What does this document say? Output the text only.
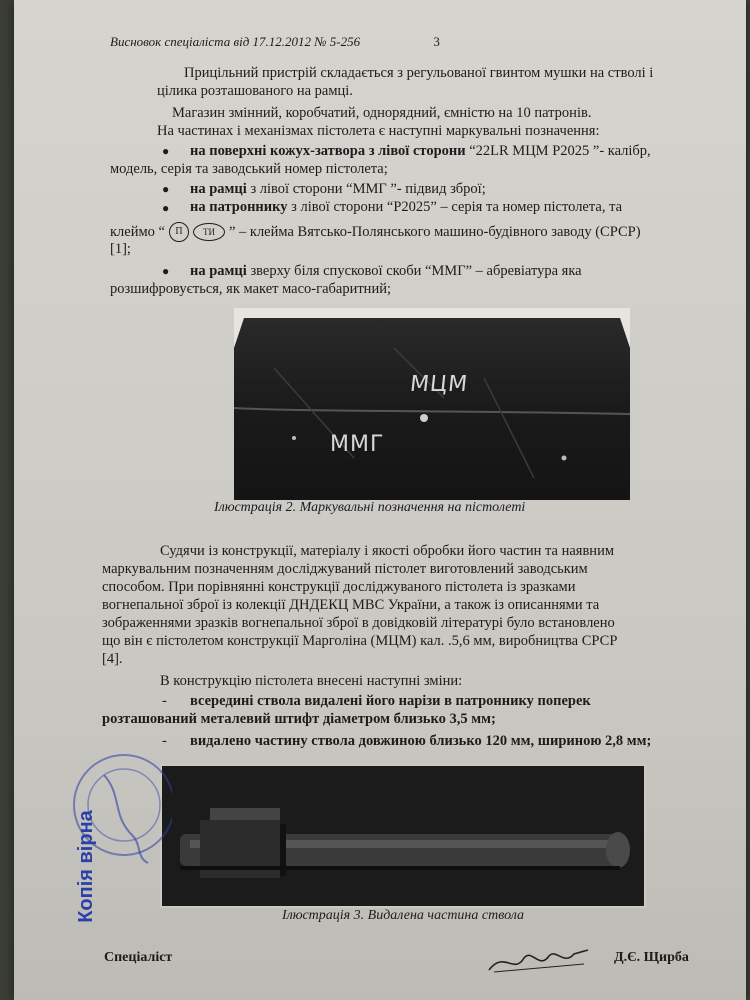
Висновок спеціаліста від 17.12.2012 № 5-256	3
Прицільний пристрій складається з регульованої гвинтом мушки на стволі і
цілика розташованого на рамці.
Магазин змінний, коробчатий, однорядний, ємністю на 10 патронів.
На частинах і механізмах пістолета є наступні маркувальні позначення:
● на поверхні кожух-затвора з лівої сторони “22LR МЦМ Р2025 ”- калібр,
модель, серія та заводський номер пістолета;
● на рамці з лівої сторони “ММГ ”- підвид зброї;
● на патроннику з лівої сторони “Р2025” – серія та номер пістолета, та
клеймо “	П	ТИ ” – клейма Вятсько-Полянського машино-будівного заводу (СРСР)
[1];
● на рамці зверху біля спускової скоби “ММГ” – абревіатура яка
розшифровується, як макет масо-габаритний;
МЦМ
ММГ
Ілюстрація 2. Маркувальні позначення на пістолеті
Судячи із конструкції, матеріалу і якості обробки його частин та наявним
маркувальним позначенням досліджуваний пістолет виготовлений заводським
способом. При порівнянні конструкції досліджуваного пістолета із зразками
вогнепальної зброї із колекції ДНДЕКЦ МВС України, а також із описаннями та
зображеннями зразків вогнепальної зброї в довідковій літературі було встановлено
що він є пістолетом конструкції Марголіна (МЦМ) кал. .5,6 мм, виробництва СРСР
[4].
В конструкцію пістолета внесені наступні зміни:
- всередині ствола видалені його нарізи в патроннику поперек
розташований металевий штифт діаметром близько 3,5 мм;
- видалено частину ствола довжиною близько 120 мм, шириною 2,8 мм;
Ілюстрація 3. Видалена частина ствола
Копія вірна
Спеціаліст	Д.Є. Щирба
